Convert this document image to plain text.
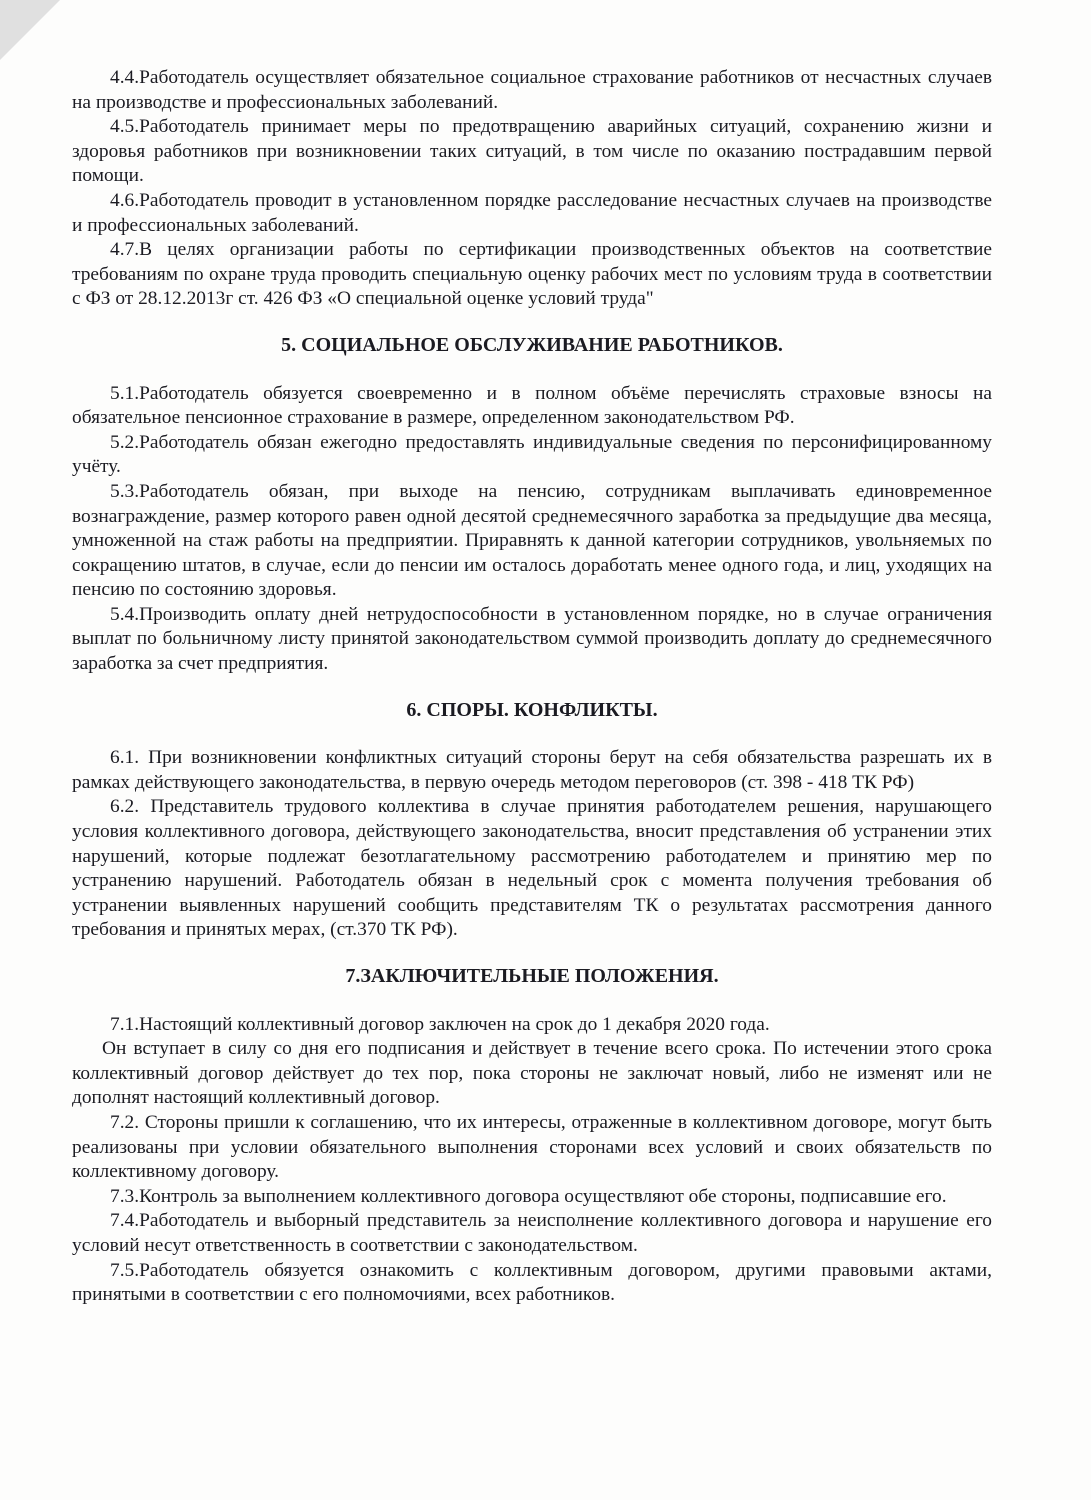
4.4.Работодатель осуществляет обязательное социальное страхование работников от несчастных случаев на производстве и профессиональных заболеваний.

4.5.Работодатель принимает меры по предотвращению аварийных ситуаций, сохранению жизни и здоровья работников при возникновении таких ситуаций, в том числе по оказанию пострадавшим первой помощи.

4.6.Работодатель проводит в установленном порядке расследование несчастных случаев на производстве и профессиональных заболеваний.

4.7.В целях организации работы по сертификации производственных объектов на соответствие требованиям по охране труда проводить специальную оценку рабочих мест по условиям труда в соответствии с ФЗ от 28.12.2013г ст. 426 ФЗ «О специальной оценке условий труда"

5. СОЦИАЛЬНОЕ ОБСЛУЖИВАНИЕ РАБОТНИКОВ.

5.1.Работодатель обязуется своевременно и в полном объёме перечислять страховые взносы на обязательное пенсионное страхование в размере, определенном законодательством РФ.

5.2.Работодатель обязан ежегодно предоставлять индивидуальные сведения по персонифицированному учёту.

5.3.Работодатель обязан, при выходе на пенсию, сотрудникам выплачивать единовременное вознаграждение, размер которого равен одной десятой среднемесячного заработка за предыдущие два месяца, умноженной на стаж работы на предприятии. Приравнять к данной категории сотрудников, увольняемых по сокращению штатов, в случае, если до пенсии им осталось доработать менее одного года, и лиц, уходящих на пенсию по состоянию здоровья.

5.4.Производить оплату дней нетрудоспособности в установленном порядке, но в случае ограничения выплат по больничному листу принятой законодательством суммой производить доплату до среднемесячного заработка за счет предприятия.

6. СПОРЫ. КОНФЛИКТЫ.

6.1. При возникновении конфликтных ситуаций стороны берут на себя обязательства разрешать их в рамках действующего законодательства, в первую очередь методом переговоров (ст. 398 - 418 ТК РФ)

6.2. Представитель трудового коллектива в случае принятия работодателем решения, нарушающего условия коллективного договора, действующего законодательства, вносит представления об устранении этих нарушений, которые подлежат безотлагательному рассмотрению работодателем и принятию мер по устранению нарушений. Работодатель обязан в недельный срок с момента получения требования об устранении выявленных нарушений сообщить представителям ТК о результатах рассмотрения данного требования и принятых мерах, (ст.370 ТК РФ).

7.ЗАКЛЮЧИТЕЛЬНЫЕ ПОЛОЖЕНИЯ.

7.1.Настоящий коллективный договор заключен на срок до 1 декабря 2020 года.

Он вступает в силу со дня его подписания и действует в течение всего срока. По истечении этого срока коллективный договор действует до тех пор, пока стороны не заключат новый, либо не изменят или не дополнят настоящий коллективный договор.

7.2. Стороны пришли к соглашению, что их интересы, отраженные в коллективном договоре, могут быть реализованы при условии обязательного выполнения сторонами всех условий и своих обязательств по коллективному договору.

7.3.Контроль за выполнением коллективного договора осуществляют обе стороны, подписавшие его.

7.4.Работодатель и выборный представитель за неисполнение коллективного договора и нарушение его условий несут ответственность в соответствии с законодательством.

7.5.Работодатель обязуется ознакомить с коллективным договором, другими правовыми актами, принятыми в соответствии с его полномочиями, всех работников.
